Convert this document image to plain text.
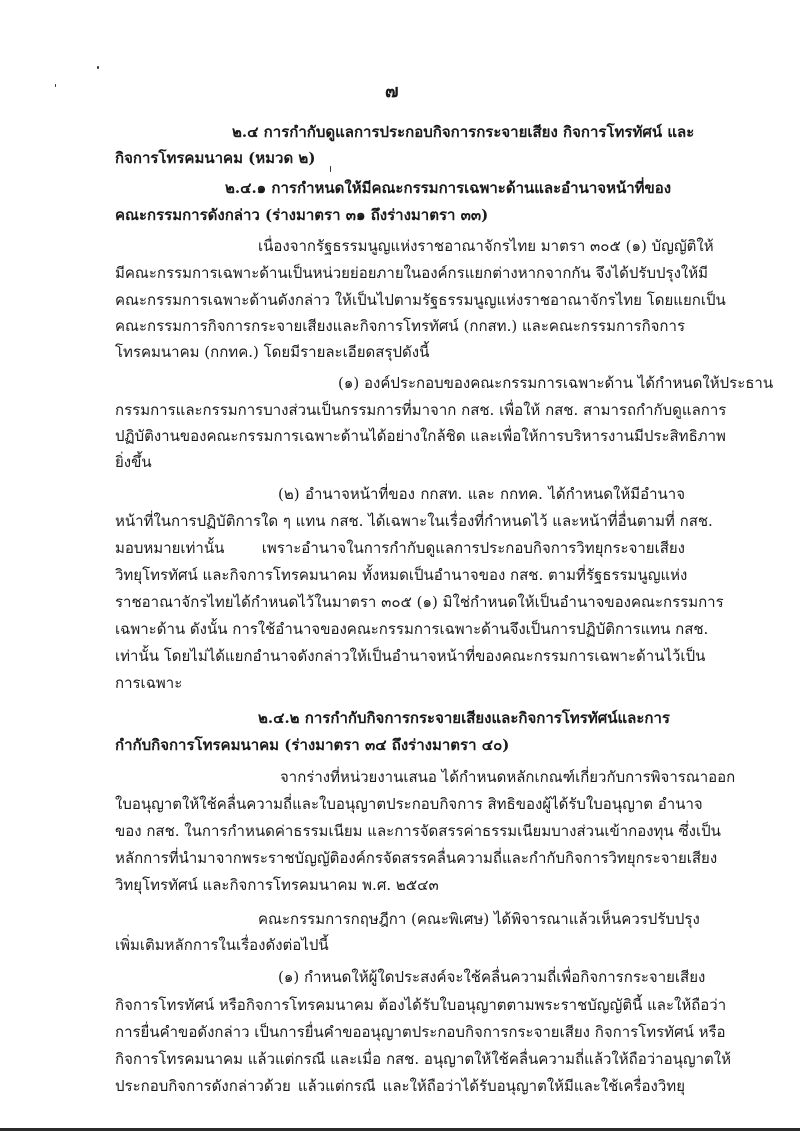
๗
๒.๔ การกำกับดูแลการประกอบกิจการกระจายเสียง กิจการโทรทัศน์ และ
กิจการโทรคมนาคม (หมวด ๒)
๒.๔.๑ การกำหนดให้มีคณะกรรมการเฉพาะด้านและอำนาจหน้าที่ของ
คณะกรรมการดังกล่าว (ร่างมาตรา ๓๑ ถึงร่างมาตรา ๓๓)
เนื่องจากรัฐธรรมนูญแห่งราชอาณาจักรไทย มาตรา ๓๐๕ (๑) บัญญัติให้
มีคณะกรรมการเฉพาะด้านเป็นหน่วยย่อยภายในองค์กรแยกต่างหากจากกัน จึงได้ปรับปรุงให้มี
คณะกรรมการเฉพาะด้านดังกล่าว ให้เป็นไปตามรัฐธรรมนูญแห่งราชอาณาจักรไทย โดยแยกเป็น
คณะกรรมการกิจการกระจายเสียงและกิจการโทรทัศน์ (กกสท.) และคณะกรรมการกิจการ
โทรคมนาคม (กกทค.) โดยมีรายละเอียดสรุปดังนี้
(๑) องค์ประกอบของคณะกรรมการเฉพาะด้าน ได้กำหนดให้ประธาน
กรรมการและกรรมการบางส่วนเป็นกรรมการที่มาจาก กสช. เพื่อให้ กสช. สามารถกำกับดูแลการ
ปฏิบัติงานของคณะกรรมการเฉพาะด้านได้อย่างใกล้ชิด และเพื่อให้การบริหารงานมีประสิทธิภาพ
ยิ่งขึ้น
(๒) อำนาจหน้าที่ของ กกสท. และ กกทค. ได้กำหนดให้มีอำนาจ
หน้าที่ในการปฏิบัติการใด ๆ แทน กสช. ได้เฉพาะในเรื่องที่กำหนดไว้ และหน้าที่อื่นตามที่ กสช.
มอบหมายเท่านั้น เพราะอำนาจในการกำกับดูแลการประกอบกิจการวิทยุกระจายเสียง
วิทยุโทรทัศน์ และกิจการโทรคมนาคม ทั้งหมดเป็นอำนาจของ กสช. ตามที่รัฐธรรมนูญแห่ง
ราชอาณาจักรไทยได้กำหนดไว้ในมาตรา ๓๐๕ (๑) มิใช่กำหนดให้เป็นอำนาจของคณะกรรมการ
เฉพาะด้าน ดังนั้น การใช้อำนาจของคณะกรรมการเฉพาะด้านจึงเป็นการปฏิบัติการแทน กสช.
เท่านั้น โดยไม่ได้แยกอำนาจดังกล่าวให้เป็นอำนาจหน้าที่ของคณะกรรมการเฉพาะด้านไว้เป็น
การเฉพาะ
๒.๔.๒ การกำกับกิจการกระจายเสียงและกิจการโทรทัศน์และการ
กำกับกิจการโทรคมนาคม (ร่างมาตรา ๓๔ ถึงร่างมาตรา ๔๐)
จากร่างที่หน่วยงานเสนอ ได้กำหนดหลักเกณฑ์เกี่ยวกับการพิจารณาออก
ใบอนุญาตให้ใช้คลื่นความถี่และใบอนุญาตประกอบกิจการ สิทธิของผู้ได้รับใบอนุญาต อำนาจ
ของ กสช. ในการกำหนดค่าธรรมเนียม และการจัดสรรค่าธรรมเนียมบางส่วนเข้ากองทุน ซึ่งเป็น
หลักการที่นำมาจากพระราชบัญญัติองค์กรจัดสรรคลื่นความถี่และกำกับกิจการวิทยุกระจายเสียง
วิทยุโทรทัศน์ และกิจการโทรคมนาคม พ.ศ. ๒๕๔๓
คณะกรรมการกฤษฎีกา (คณะพิเศษ) ได้พิจารณาแล้วเห็นควรปรับปรุง
เพิ่มเติมหลักการในเรื่องดังต่อไปนี้
(๑) กำหนดให้ผู้ใดประสงค์จะใช้คลื่นความถี่เพื่อกิจการกระจายเสียง
กิจการโทรทัศน์ หรือกิจการโทรคมนาคม ต้องได้รับใบอนุญาตตามพระราชบัญญัตินี้ และให้ถือว่า
การยื่นคำขอดังกล่าว เป็นการยื่นคำขออนุญาตประกอบกิจการกระจายเสียง กิจการโทรทัศน์ หรือ
กิจการโทรคมนาคม แล้วแต่กรณี และเมื่อ กสช. อนุญาตให้ใช้คลื่นความถี่แล้วให้ถือว่าอนุญาตให้
ประกอบกิจการดังกล่าวด้วย แล้วแต่กรณี และให้ถือว่าได้รับอนุญาตให้มีและใช้เครื่องวิทยุ
